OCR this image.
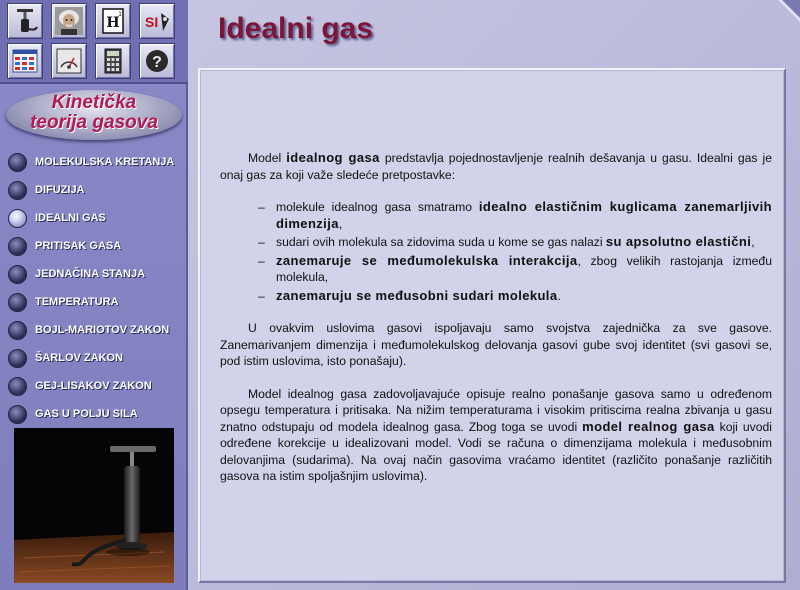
H
1 SI
?
Kinetička
teorija gasova
MOLEKULSKA KRETANJA
DIFUZIJA
IDEALNI GAS
PRITISAK GASA
JEDNAČINA STANJA
TEMPERATURA
BOJL-MARIOTOV ZAKON
ŠARLOV ZAKON
GEJ-LISAKOV ZAKON
GAS U POLJU SILA
Idealni gas

Model idealnog gasa predstavlja pojednostavljenje realnih dešavanja u gasu. Idealni gas je onaj gas za koji važe sledeće pretpostavke:

– molekule idealnog gasa smatramo idealno elastičnim kuglicama zanemarljivih dimenzija,
– sudari ovih molekula sa zidovima suda u kome se gas nalazi su apsolutno elastični,
– zanemaruje se međumolekulska interakcija, zbog velikih rastojanja između molekula,
– zanemaruju se međusobni sudari molekula.

U ovakvim uslovima gasovi ispoljavaju samo svojstva zajednička za sve gasove. Zanemarivanjem dimenzija i međumolekulskog delovanja gasovi gube svoj identitet (svi gasovi se, pod istim uslovima, isto ponašaju).

Model idealnog gasa zadovoljavajuće opisuje realno ponašanje gasova samo u određenom opsegu temperatura i pritisaka. Na nižim temperaturama i visokim pritiscima realna zbivanja u gasu znatno odstupaju od modela idealnog gasa. Zbog toga se uvodi model realnog gasa koji uvodi određene korekcije u idealizovani model. Vodi se računa o dimenzijama molekula i međusobnim delovanjima (sudarima). Na ovaj način gasovima vraćamo identitet (različito ponašanje različitih gasova na istim spoljašnjim uslovima).
